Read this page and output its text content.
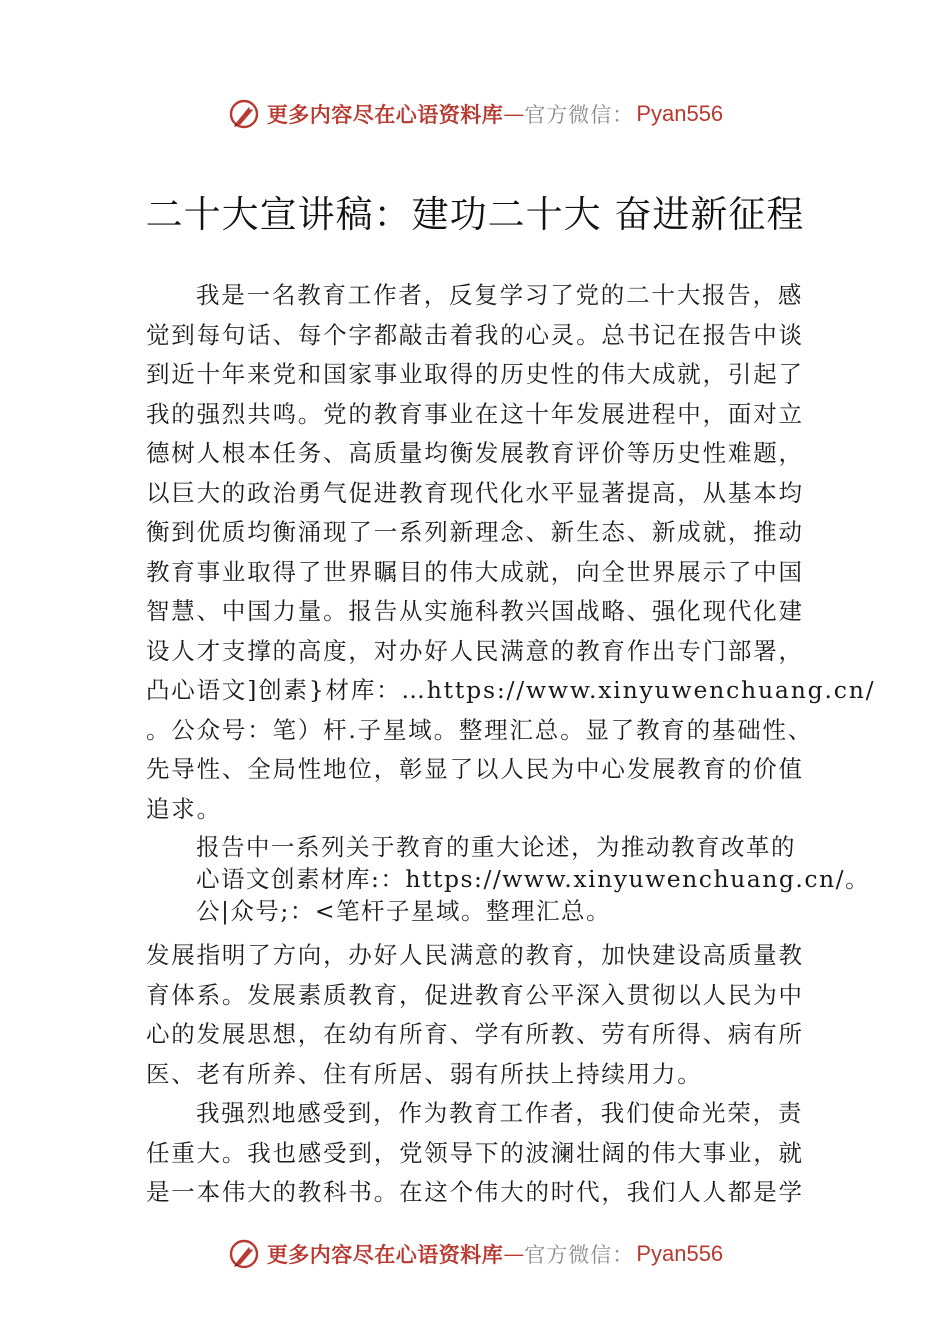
更多内容尽在心语资料库 — 官方微信： Pyan556
二十大宣讲稿：建功二十大 奋进新征程
我是一名教育工作者，反复学习了党的二十大报告，感
觉到每句话、每个字都敲击着我的心灵。总书记在报告中谈
到近十年来党和国家事业取得的历史性的伟大成就，引起了
我的强烈共鸣。党的教育事业在这十年发展进程中，面对立
德树人根本任务、高质量均衡发展教育评价等历史性难题，
以巨大的政治勇气促进教育现代化水平显著提高，从基本均
衡到优质均衡涌现了一系列新理念、新生态、新成就，推动
教育事业取得了世界瞩目的伟大成就，向全世界展示了中国
智慧、中国力量。报告从实施科教兴国战略、强化现代化建
设人才支撑的高度，对办好人民满意的教育作出专门部署，
凸心语文]创素}材库：…https://www.xinyuwenchuang.cn/
。公众号：笔）杆.子星域。整理汇总。显了教育的基础性、
先导性、全局性地位，彰显了以人民为中心发展教育的价值
追求。
报告中一系列关于教育的重大论述，为推动教育改革的
心语文创素材库:：https://www.xinyuwenchuang.cn/。
公|众号;：<笔杆子星域。整理汇总。
发展指明了方向，办好人民满意的教育，加快建设高质量教
育体系。发展素质教育，促进教育公平深入贯彻以人民为中
心的发展思想，在幼有所育、学有所教、劳有所得、病有所
医、老有所养、住有所居、弱有所扶上持续用力。
我强烈地感受到，作为教育工作者，我们使命光荣，责
任重大。我也感受到，党领导下的波澜壮阔的伟大事业，就
是一本伟大的教科书。在这个伟大的时代，我们人人都是学
更多内容尽在心语资料库 — 官方微信： Pyan556
